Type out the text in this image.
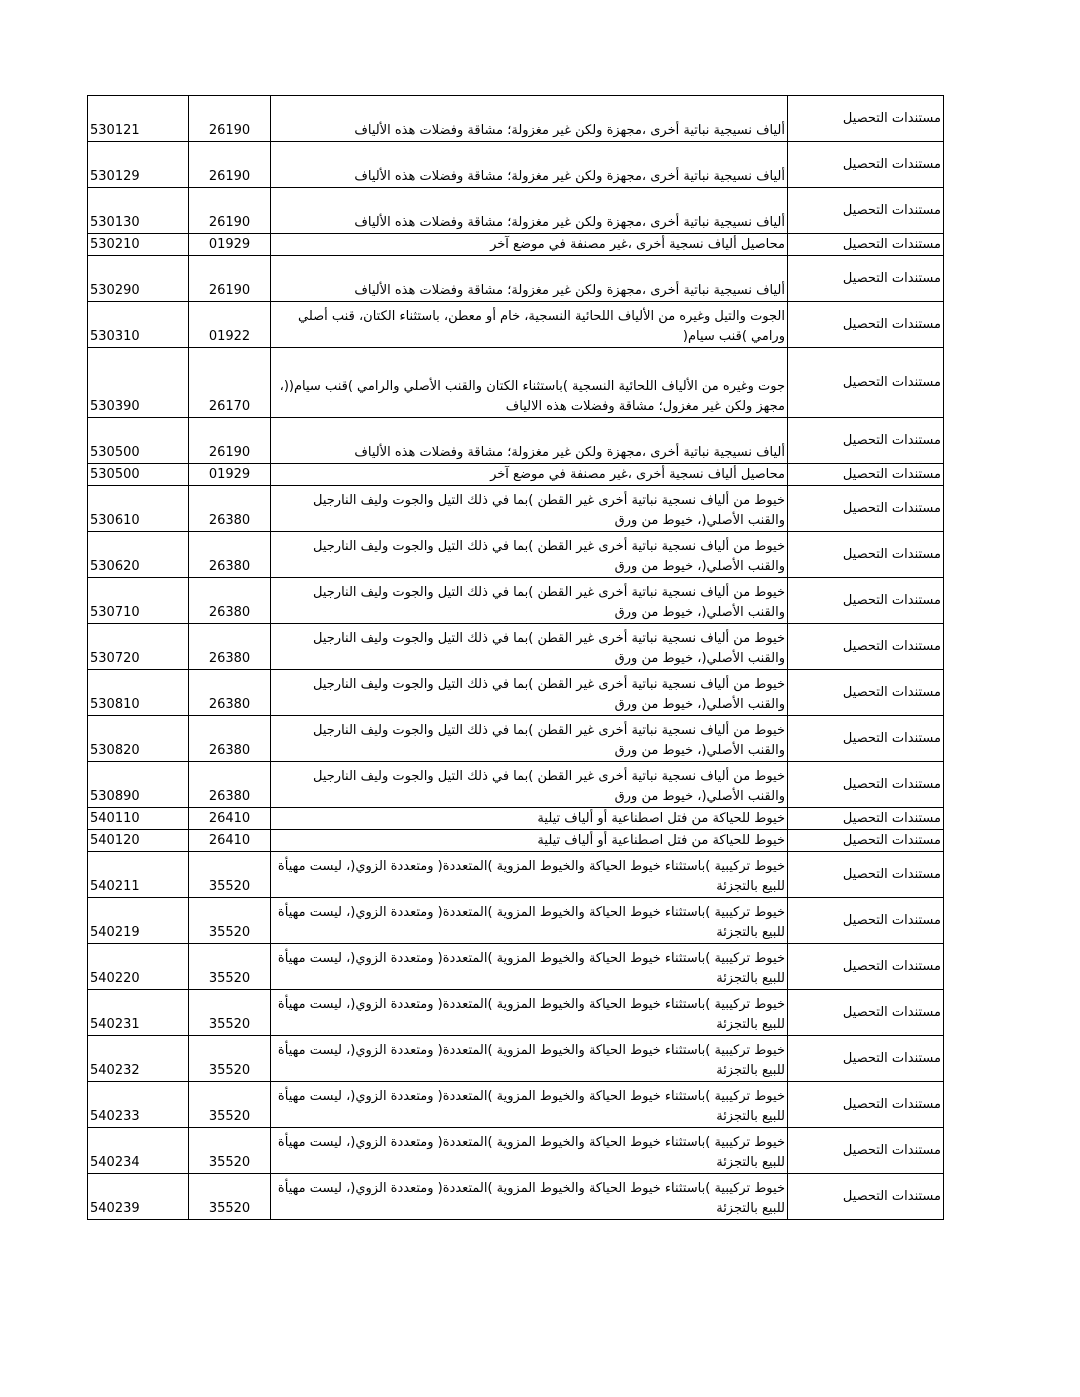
530121	26190	ألياف نسيجية نباتية أخرى ،مجهزة ولكن غير مغزولة؛ مشاقة وفضلات هذه الألياف	مستندات التحصيل
530129	26190	ألياف نسيجية نباتية أخرى ،مجهزة ولكن غير مغزولة؛ مشاقة وفضلات هذه الألياف	مستندات التحصيل
530130	26190	ألياف نسيجية نباتية أخرى ،مجهزة ولكن غير مغزولة؛ مشاقة وفضلات هذه الألياف	مستندات التحصيل
530210	01929	محاصيل ألياف نسجية أخرى ،غير مصنفة في موضع آخر	مستندات التحصيل
530290	26190	ألياف نسيجية نباتية أخرى ،مجهزة ولكن غير مغزولة؛ مشاقة وفضلات هذه الألياف	مستندات التحصيل
530310	01922	الجوت والتيل وغيره من الألياف اللحائية النسجية، خام أو معطن، باستثناء الكتان، قنب أصلي ورامي )قنب سيام(	مستندات التحصيل
530390	26170	جوت وغيره من الألياف اللحائية النسجية )باستثناء الكتان والقنب الأصلي والرامي )قنب سيام((، مجهز ولكن غير مغزول؛ مشاقة وفضلات هذه الالياف	مستندات التحصيل
530500	26190	ألياف نسيجية نباتية أخرى ،مجهزة ولكن غير مغزولة؛ مشاقة وفضلات هذه الألياف	مستندات التحصيل
530500	01929	محاصيل ألياف نسجية أخرى ،غير مصنفة في موضع آخر	مستندات التحصيل
530610	26380	خيوط من ألياف نسجية نباتية أخرى غير القطن )بما في ذلك التيل والجوت وليف النارجيل والقنب الأصلي(، خيوط من ورق	مستندات التحصيل
530620	26380	خيوط من ألياف نسجية نباتية أخرى غير القطن )بما في ذلك التيل والجوت وليف النارجيل والقنب الأصلي(، خيوط من ورق	مستندات التحصيل
530710	26380	خيوط من ألياف نسجية نباتية أخرى غير القطن )بما في ذلك التيل والجوت وليف النارجيل والقنب الأصلي(، خيوط من ورق	مستندات التحصيل
530720	26380	خيوط من ألياف نسجية نباتية أخرى غير القطن )بما في ذلك التيل والجوت وليف النارجيل والقنب الأصلي(، خيوط من ورق	مستندات التحصيل
530810	26380	خيوط من ألياف نسجية نباتية أخرى غير القطن )بما في ذلك التيل والجوت وليف النارجيل والقنب الأصلي(، خيوط من ورق	مستندات التحصيل
530820	26380	خيوط من ألياف نسجية نباتية أخرى غير القطن )بما في ذلك التيل والجوت وليف النارجيل والقنب الأصلي(، خيوط من ورق	مستندات التحصيل
530890	26380	خيوط من ألياف نسجية نباتية أخرى غير القطن )بما في ذلك التيل والجوت وليف النارجيل والقنب الأصلي(، خيوط من ورق	مستندات التحصيل
540110	26410	خيوط للحياكة من فتل اصطناعية أو ألياف تيلية	مستندات التحصيل
540120	26410	خيوط للحياكة من فتل اصطناعية أو ألياف تيلية	مستندات التحصيل
540211	35520	خيوط تركيبية )باستثناء خيوط الحياكة والخيوط المزوية )المتعددة( ومتعددة الزوي(، ليست مهيأة للبيع بالتجزئة	مستندات التحصيل
540219	35520	خيوط تركيبية )باستثناء خيوط الحياكة والخيوط المزوية )المتعددة( ومتعددة الزوي(، ليست مهيأة للبيع بالتجزئة	مستندات التحصيل
540220	35520	خيوط تركيبية )باستثناء خيوط الحياكة والخيوط المزوية )المتعددة( ومتعددة الزوي(، ليست مهيأة للبيع بالتجزئة	مستندات التحصيل
540231	35520	خيوط تركيبية )باستثناء خيوط الحياكة والخيوط المزوية )المتعددة( ومتعددة الزوي(، ليست مهيأة للبيع بالتجزئة	مستندات التحصيل
540232	35520	خيوط تركيبية )باستثناء خيوط الحياكة والخيوط المزوية )المتعددة( ومتعددة الزوي(، ليست مهيأة للبيع بالتجزئة	مستندات التحصيل
540233	35520	خيوط تركيبية )باستثناء خيوط الحياكة والخيوط المزوية )المتعددة( ومتعددة الزوي(، ليست مهيأة للبيع بالتجزئة	مستندات التحصيل
540234	35520	خيوط تركيبية )باستثناء خيوط الحياكة والخيوط المزوية )المتعددة( ومتعددة الزوي(، ليست مهيأة للبيع بالتجزئة	مستندات التحصيل
540239	35520	خيوط تركيبية )باستثناء خيوط الحياكة والخيوط المزوية )المتعددة( ومتعددة الزوي(، ليست مهيأة للبيع بالتجزئة	مستندات التحصيل
